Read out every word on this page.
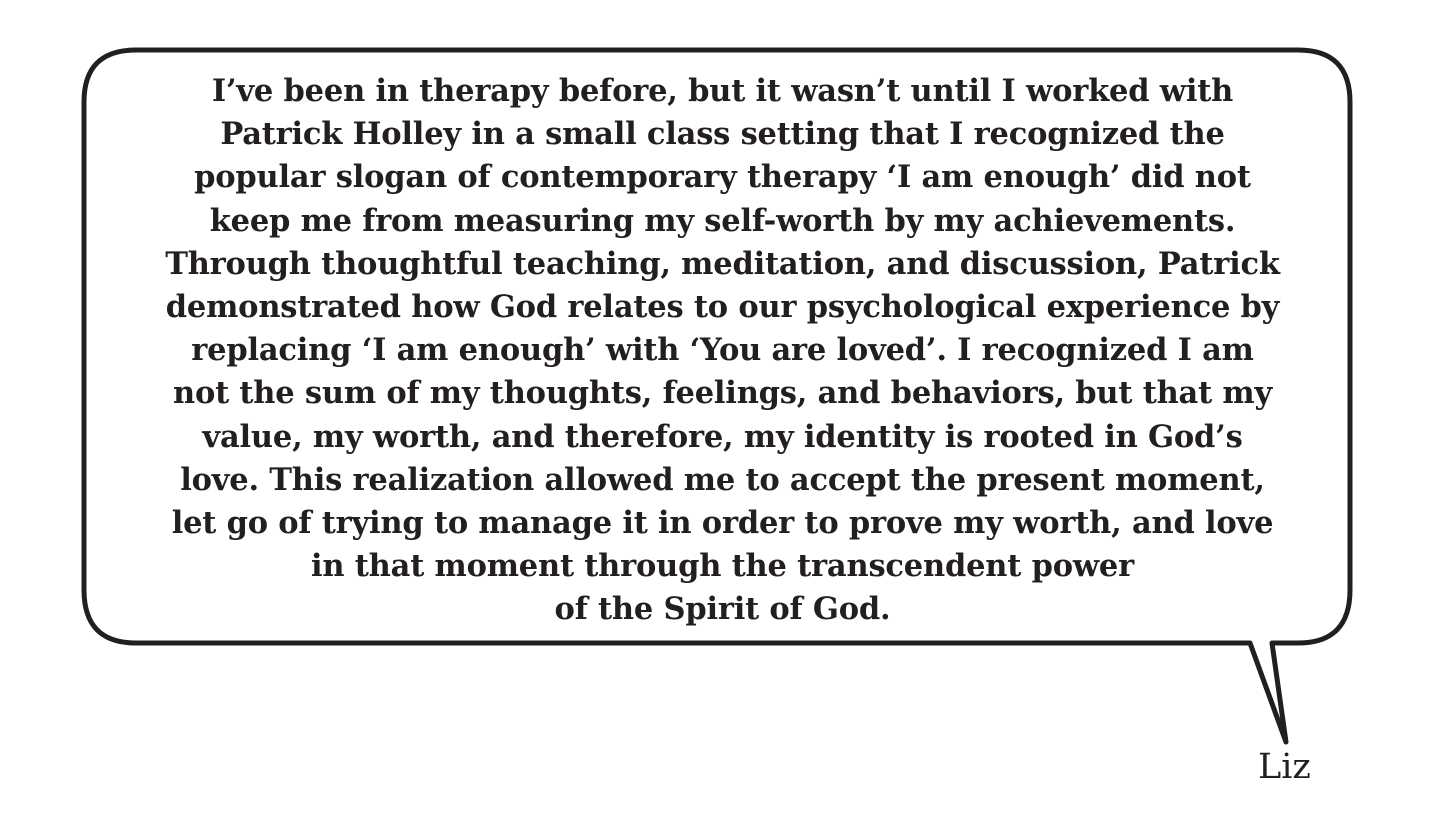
I’ve been in therapy before, but it wasn’t until I worked with
Patrick Holley in a small class setting that I recognized the
popular slogan of contemporary therapy ‘I am enough’ did not
keep me from measuring my self-worth by my achievements.
Through thoughtful teaching, meditation, and discussion, Patrick
demonstrated how God relates to our psychological experience by
replacing ‘I am enough’ with ‘You are loved’. I recognized I am
not the sum of my thoughts, feelings, and behaviors, but that my
value, my worth, and therefore, my identity is rooted in God’s
love. This realization allowed me to accept the present moment,
let go of trying to manage it in order to prove my worth, and love
in that moment through the transcendent power
of the Spirit of God.

Liz
